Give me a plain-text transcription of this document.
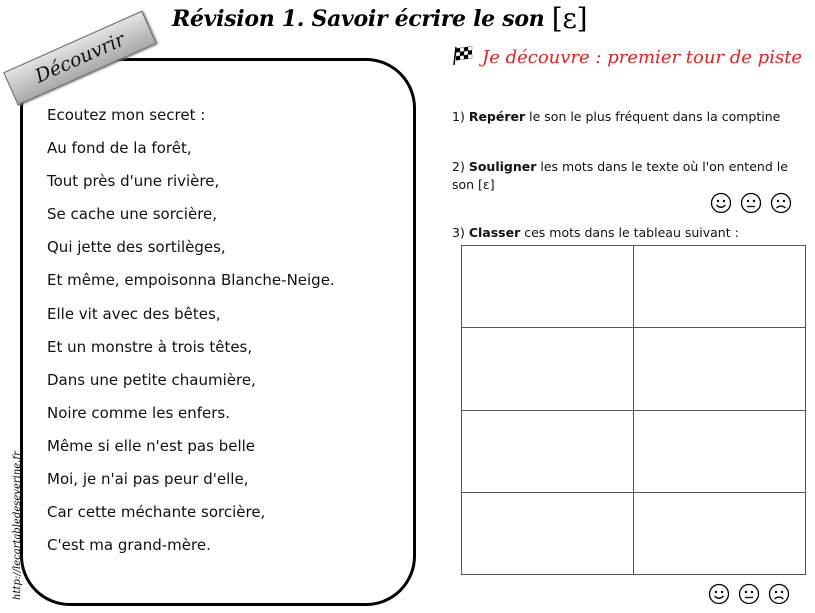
Révision 1. Savoir écrire le son [ɛ]
Je découvre : premier tour de piste
Découvrir
Ecoutez mon secret :
Au fond de la forêt,
Tout près d'une rivière,
Se cache une sorcière,
Qui jette des sortilèges,
Et même, empoisonna Blanche-Neige.
Elle vit avec des bêtes,
Et un monstre à trois têtes,
Dans une petite chaumière,
Noire comme les enfers.
Même si elle n'est pas belle
Moi, je n'ai pas peur d'elle,
Car cette méchante sorcière,
C'est ma grand-mère.
http://lecartabledeseverine.fr
1) Repérer le son le plus fréquent dans la comptine
2) Souligner les mots dans le texte où l'on entend le son [ɛ]
3) Classer ces mots dans le tableau suivant :
